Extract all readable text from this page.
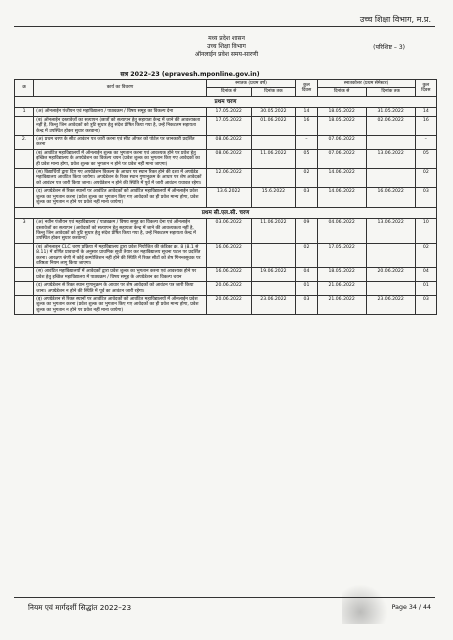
उच्च शिक्षा विभाग, म.प्र.
मध्य प्रदेश शासन
उच्च शिक्षा विभाग
ऑनलाईन प्रवेश समय-सारणी
(परिशिष्ट – 3)
सत्र 2022–23 (epravesh.mponline.gov.in)
क्र	कार्य का विवरण	स्नातक (प्रथम वर्ष)		कुल दिवस	स्नातकोत्तर (प्रथम सेमेस्टर)		कुल दिवस
		दिनांक से	दिनांक तक		दिनांक से	दिनांक तक	
प्रथम चरण							
1	(अ) ऑनलाईन पंजीयन एवं महाविद्यालय / पाठ्यक्रम / विषय समूह का विकल्प देना	17.05.2022	30.05.2022	14	18.05.2022	31.05.2022	14
	(ब) ऑनलाईन दस्तावेजों का सत्यापन (छात्रों को सत्यापन हेतु सहायता केन्द्र में जाने की आवश्यकता नहीं है, किन्तु जिन आवेदकों को त्रुटि सुधार हेतु संदेश प्रेषित किया गया है, उन्हें निकटतम सहायता केन्द्र में उपस्थित होकर सुधार करवाना)	17.05.2022	01.06.2022	16	18.05.2022	02.06.2022	16
2.	(अ) प्रथम चरण के सीट आवंटन पत्र जारी करना एवं सीट ऑफर को पोर्टल पर जानकारी प्रदर्शित करना	08.06.2022		–	07.06.2022		–
	(ब) आवंटित महाविद्यालयों में ऑनलाईन शुल्क का भुगतान करना एवं आवश्यक होने पर प्रवेश हेतु इच्छित महाविद्यालय के अपग्रेडेशन का विकल्प चयन (प्रवेश शुल्क का भुगतान किए गए आवेदकों का ही प्रवेश मान्य होगा, प्रवेश शुल्क का भुगतान न होने पर प्रवेश नहीं माना जाएगा)	08.06.2022	11.06.2022	05	07.06.2022	13.06.2022	05
	(स) विद्यार्थियों द्वारा दिए गए अपग्रेडेशन विकल्प के आधार पर स्थान रिक्त होने की दशा में अपग्रेडेड महाविद्यालय आवंटित किया जायेगा। अपग्रेडेशन के रिक्त स्थान गुणानुक्रम के आधार पर शेष आवेदकों को आवंटन पत्र जारी किया जाना। अपग्रेडेशन न होने की स्थिति में पूर्व में जारी आवंटन यथावत रहेगा।	12.06.2022		02	14.06.2022		02
	(द) अपग्रेडेशन से रिक्त स्थानों पर आवंटित आवेदकों को आवंटित महाविद्यालयों में ऑनलाईन प्रवेश शुल्क का भुगतान करना (प्रवेश शुल्क का भुगतान किए गए आवेदकों का ही प्रवेश मान्य होगा, प्रवेश शुल्क का भुगतान न होने पर प्रवेश नहीं माना जायेगा)	13.6.2022	15.6.2022	03	14.06.2022	16.06.2022	03
प्रथम सी.एल.सी. चरण							
3	(अ) नवीन पंजीयन एवं महाविद्यालय / पाठ्यक्रम / विषय समूह का विकल्प देना एवं ऑनलाईन दस्तावेजों का सत्यापन (आवेदकों को सत्यापन हेतु सहायता केन्द्र में जाने की आवश्यकता नहीं है, किन्तु जिन आवेदकों को त्रुटि सुधार हेतु संदेश प्रेषित किया गया है, उन्हें निकटतम सहायता केन्द्र में उपस्थित होकर सुधार करवाना)	03.06.2022	11.06.2022	09	04.06.2022	13.06.2022	10
	(ब) ऑनलाइन CLC चरण प्रक्रिया में महाविद्यालय द्वारा प्रवेश नियोजित की कंडिका क्र. 8 (8.1 से 8.11) में वर्णित प्रावधानों के अनुसार प्राथमिक सूची तैयार कर महाविद्यालय सूचना पटल पर प्रदर्शित करना। आरक्षण श्रेणी में कोई कम्पोजिशन नहीं होने की स्थिति में रिक्त सीटों को शेष गिनन्तसूचक पर वरिष्ठता नियम लागू किया जाएगा।	16.06.2022		02	17.05.2022		02
	(स) आवंटित महाविद्यालयों में आवेदकों द्वारा प्रवेश शुल्क का भुगतान करना एवं आवश्यक होने पर प्रवेश हेतु इच्छित महाविद्यालय में पाठ्यक्रम / विषय समूह के अपग्रेडेशन का विकल्प चयन	16.06.2022	19.06.2022	04	18.05.2022	20.06.2022	04
	(द) अपग्रेडेशन से रिक्त स्थान गुणानुक्रम के आधार पर शेष आवेदकों को आवंटन पत्र जारी किया जाना। अपग्रेडेशन न होने की स्थिति में पूर्व का आवंटन जारी रहेगा।	20.06.2022		01	21.06.2022		01
	(इ) अपग्रेडेशन से रिक्त स्थानों पर आवंटित आवेदकों को आवंटित महाविद्यालयों में ऑनलाईन प्रवेश शुल्क का भुगतान करना (प्रवेश शुल्क का भुगतान किए गए आवेदकों का ही प्रवेश मान्य होगा, प्रवेश शुल्क का भुगतान न होने पर प्रवेश नहीं माना जायेगा)	20.06.2022	23.06.2022	03	21.06.2022	23.06.2022	03
नियम एवं मार्गदर्शी सिद्धांत 2022–23	Page 34 / 44
